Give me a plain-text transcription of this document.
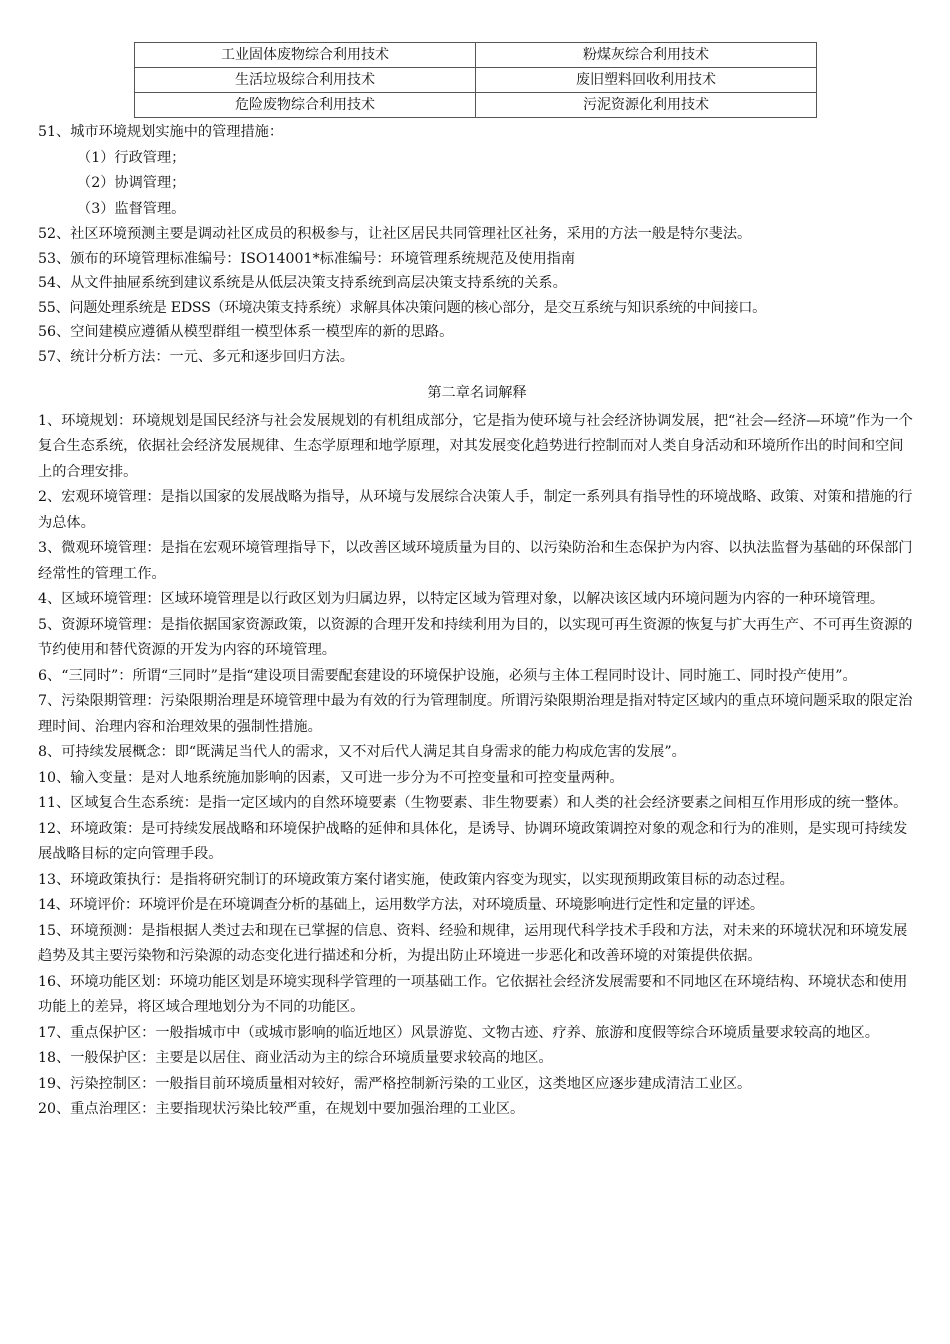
工业固体废物综合利用技术	粉煤灰综合利用技术
生活垃圾综合利用技术	废旧塑料回收利用技术
危险废物综合利用技术	污泥资源化利用技术

51、城市环境规划实施中的管理措施：

（1）行政管理；

（2）协调管理；

（3）监督管理。

52、社区环境预测主要是调动社区成员的积极参与，让社区居民共同管理社区社务，采用的方法一般是特尔斐法。

53、颁布的环境管理标准编号：ISO14001*标准编号：环境管理系统规范及使用指南

54、从文件抽屉系统到建议系统是从低层决策支持系统到高层决策支持系统的关系。

55、问题处理系统是 EDSS（环境决策支持系统）求解具体决策问题的核心部分，是交互系统与知识系统的中间接口。

56、空间建模应遵循从模型群组一模型体系一模型库的新的思路。

57、统计分析方法：一元、多元和逐步回归方法。

第二章名词解释

1、环境规划：环境规划是国民经济与社会发展规划的有机组成部分，它是指为使环境与社会经济协调发展，把“社会—经济—环境”作为一个复合生态系统，依据社会经济发展规律、生态学原理和地学原理，对其发展变化趋势进行控制而对人类自身活动和环境所作出的时间和空间上的合理安排。

2、宏观环境管理：是指以国家的发展战略为指导，从环境与发展综合决策人手，制定一系列具有指导性的环境战略、政策、对策和措施的行为总体。

3、微观环境管理：是指在宏观环境管理指导下，以改善区域环境质量为目的、以污染防治和生态保护为内容、以执法监督为基础的环保部门经常性的管理工作。

4、区域环境管理：区域环境管理是以行政区划为归属边界，以特定区域为管理对象，以解决该区域内环境问题为内容的一种环境管理。

5、资源环境管理：是指依据国家资源政策，以资源的合理开发和持续利用为目的，以实现可再生资源的恢复与扩大再生产、不可再生资源的节约使用和替代资源的开发为内容的环境管理。

6、“三同时”：所谓“三同时”是指“建设项目需要配套建设的环境保护设施，必须与主体工程同时设计、同时施工、同时投产使用”。

7、污染限期管理：污染限期治理是环境管理中最为有效的行为管理制度。所谓污染限期治理是指对特定区域内的重点环境问题采取的限定治理时间、治理内容和治理效果的强制性措施。

8、可持续发展概念：即“既满足当代人的需求，又不对后代人满足其自身需求的能力构成危害的发展”。

10、输入变量：是对人地系统施加影响的因素，又可进一步分为不可控变量和可控变量两种。

11、区域复合生态系统：是指一定区域内的自然环境要素（生物要素、非生物要素）和人类的社会经济要素之间相互作用形成的统一整体。

12、环境政策：是可持续发展战略和环境保护战略的延伸和具体化，是诱导、协调环境政策调控对象的观念和行为的准则，是实现可持续发展战略目标的定向管理手段。

13、环境政策执行：是指将研究制订的环境政策方案付诸实施，使政策内容变为现实，以实现预期政策目标的动态过程。

14、环境评价：环境评价是在环境调查分析的基础上，运用数学方法，对环境质量、环境影响进行定性和定量的评述。

15、环境预测：是指根据人类过去和现在已掌握的信息、资料、经验和规律，运用现代科学技术手段和方法，对未来的环境状况和环境发展趋势及其主要污染物和污染源的动态变化进行描述和分析，为提出防止环境进一步恶化和改善环境的对策提供依据。

16、环境功能区划：环境功能区划是环境实现科学管理的一项基础工作。它依据社会经济发展需要和不同地区在环境结构、环境状态和使用功能上的差异，将区域合理地划分为不同的功能区。

17、重点保护区：一般指城市中（或城市影响的临近地区）风景游览、文物古迹、疗养、旅游和度假等综合环境质量要求较高的地区。

18、一般保护区：主要是以居住、商业活动为主的综合环境质量要求较高的地区。

19、污染控制区：一般指目前环境质量相对较好，需严格控制新污染的工业区，这类地区应逐步建成清洁工业区。

20、重点治理区：主要指现状污染比较严重，在规划中要加强治理的工业区。
